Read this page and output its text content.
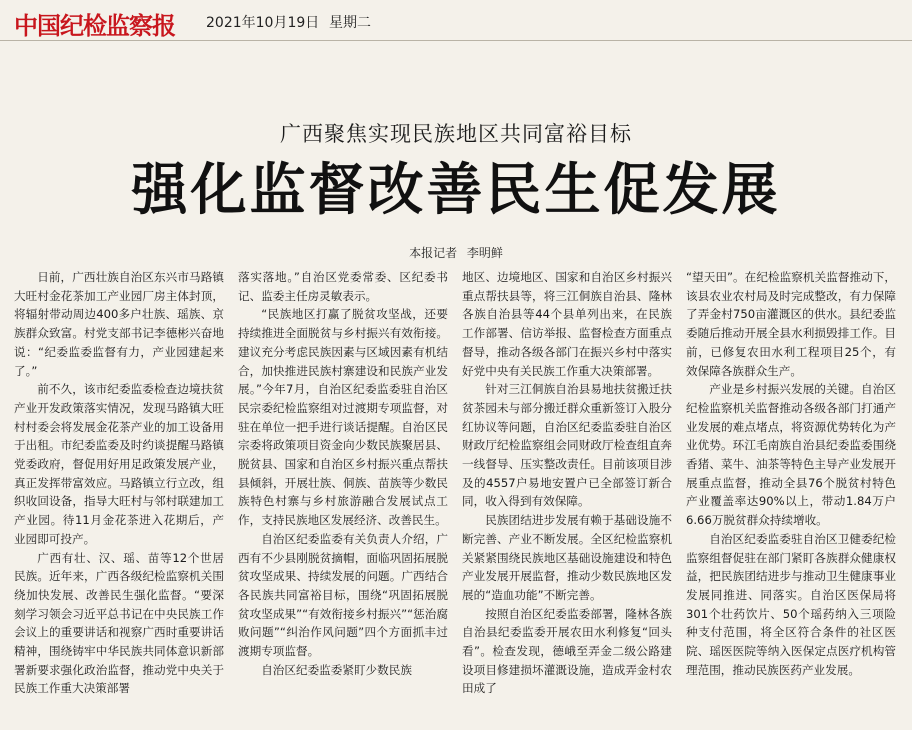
中国纪检监察报 2021年10月19日 星期二
广西聚焦实现民族地区共同富裕目标
强化监督改善民生促发展
本报记者 李明鲜

日前，广西壮族自治区东兴市马路镇大旺村金花茶加工产业园厂房主体封顶，将辐射带动周边400多户壮族、瑶族、京族群众致富。村党支部书记李德彬兴奋地说：“纪委监委监督有力，产业园建起来了。”

前不久，该市纪委监委检查边境扶贫产业开发政策落实情况，发现马路镇大旺村村委会将发展金花茶产业的加工设备用于出租。市纪委监委及时约谈提醒马路镇党委政府，督促用好用足政策发展产业，真正发挥带富效应。马路镇立行立改，组织收回设备，指导大旺村与邻村联建加工产业园。待11月金花茶进入花期后，产业园即可投产。

广西有壮、汉、瑶、苗等12个世居民族。近年来，广西各级纪检监察机关围绕加快发展、改善民生强化监督。“要深刻学习领会习近平总书记在中央民族工作会议上的重要讲话和视察广西时重要讲话精神，围绕铸牢中华民族共同体意识新部署新要求强化政治监督，推动党中央关于民族工作重大决策部署

落实落地。”自治区党委常委、区纪委书记、监委主任房灵敏表示。

“民族地区打赢了脱贫攻坚战，还要持续推进全面脱贫与乡村振兴有效衔接。建议充分考虑民族因素与区域因素有机结合，加快推进民族村寨建设和民族产业发展。”今年7月，自治区纪委监委驻自治区民宗委纪检监察组对过渡期专项监督，对驻在单位一把手进行谈话提醒。自治区民宗委将政策项目资金向少数民族聚居县、脱贫县、国家和自治区乡村振兴重点帮扶县倾斜，开展壮族、侗族、苗族等少数民族特色村寨与乡村旅游融合发展试点工作，支持民族地区发展经济、改善民生。

自治区纪委监委有关负责人介绍，广西有不少县刚脱贫摘帽，面临巩固拓展脱贫攻坚成果、持续发展的问题。广西结合各民族共同富裕目标，围绕“巩固拓展脱贫攻坚成果”“有效衔接乡村振兴”“惩治腐败问题”“纠治作风问题”四个方面抓丰过渡期专项监督。

自治区纪委监委紧盯少数民族

地区、边境地区、国家和自治区乡村振兴重点帮扶县等，将三江侗族自治县、隆林各族自治县等44个县单列出来，在民族工作部署、信访举报、监督检查方面重点督导，推动各级各部门在振兴乡村中落实好党中央有关民族工作重大决策部署。

针对三江侗族自治县易地扶贫搬迁扶贫茶园未与部分搬迁群众重新签订入股分红协议等问题，自治区纪委监委驻自治区财政厅纪检监察组会同财政厅检查组直奔一线督导、压实整改责任。目前该项目涉及的4557户易地安置户已全部签订新合同，收入得到有效保障。

民族团结进步发展有赖于基础设施不断完善、产业不断发展。全区纪检监察机关紧紧围绕民族地区基础设施建设和特色产业发展开展监督，推动少数民族地区发展的“造血功能”不断完善。

按照自治区纪委监委部署，隆林各族自治县纪委监委开展农田水利修复“回头看”。检查发现，德峨至弄金二级公路建设项目修建损坏灌溉设施，造成弄金村农田成了

“望天田”。在纪检监察机关监督推动下，该县农业农村局及时完成整改，有力保障了弄金村750亩灌溉区的供水。县纪委监委随后推动开展全县水利损毁排工作。目前，已修复农田水利工程项目25个，有效保障各族群众生产。

产业是乡村振兴发展的关键。自治区纪检监察机关监督推动各级各部门打通产业发展的难点堵点，将资源优势转化为产业优势。环江毛南族自治县纪委监委围绕香猪、菜牛、油茶等特色主导产业发展开展重点监督，推动全县76个脱贫村特色产业覆盖率达90%以上，带动1.84万户6.66万脱贫群众持续增收。

自治区纪委监委驻自治区卫健委纪检监察组督促驻在部门紧盯各族群众健康权益，把民族团结进步与推动卫生健康事业发展同推进、同落实。自治区医保局将301个壮药饮片、50个瑶药纳入三项险种支付范围，将全区符合条件的社区医院、瑶医医院等纳入医保定点医疗机构管理范围，推动民族医药产业发展。
